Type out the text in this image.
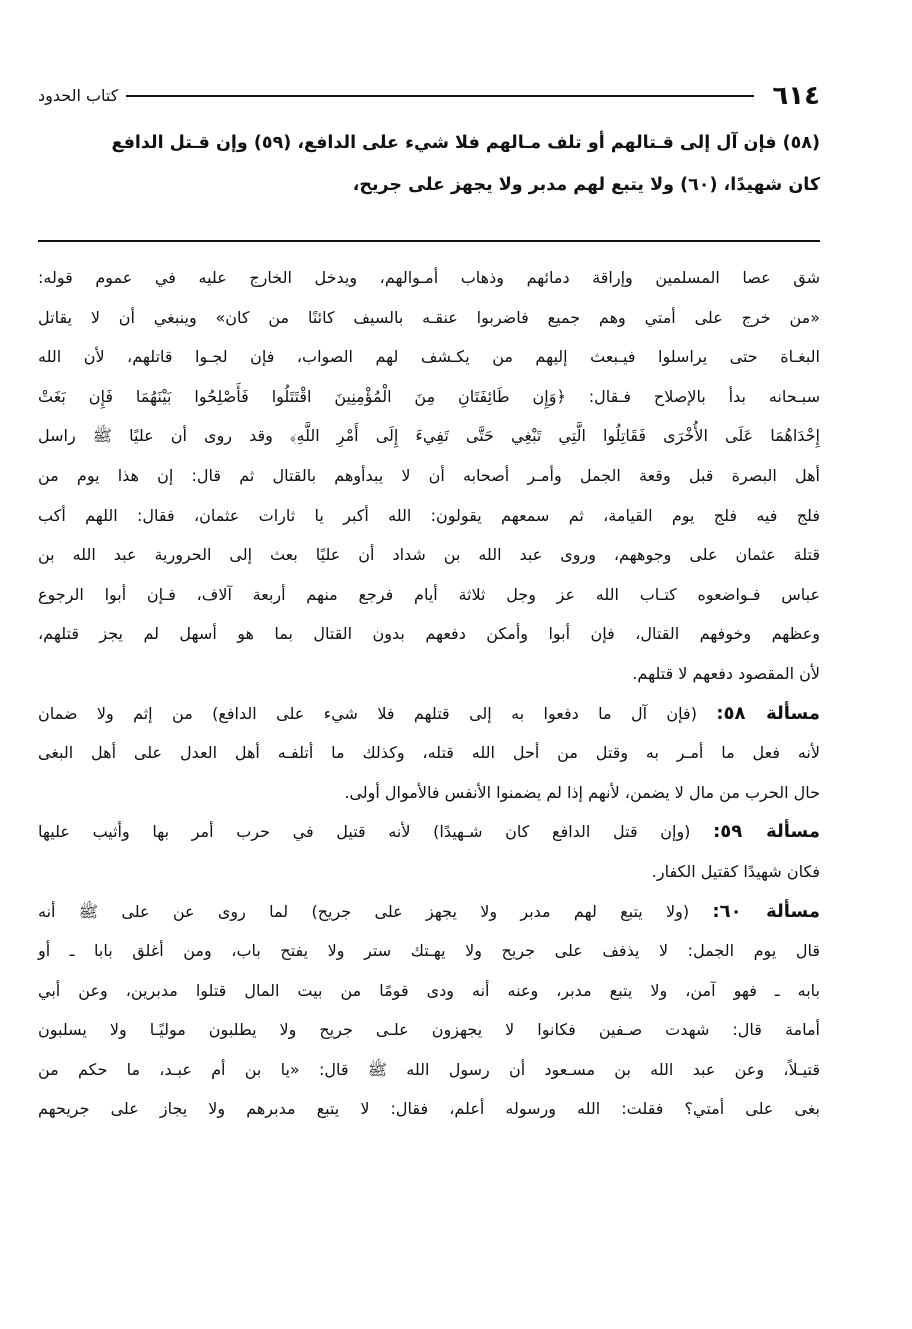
٦١٤
كتاب الحدود
(٥٨) فإن آل إلى قـتالهم أو تلف مـالهم فلا شيء على الدافع، (٥٩) وإن قـتل الدافع
كان شهيدًا، (٦٠) ولا يتبع لهم مدبر ولا يجهز على جريح،
شق عصا المسلمين وإراقة دمائهم وذهاب أمـوالهم، ويدخل الخارج عليه في عموم قوله:
«من خرج على أمتي وهم جميع فاضربوا عنقـه بالسيف كائنًا من كان» وينبغي أن لا يقاتل
البغـاة حتى يراسلوا فيـبعث إليهم من يكـشف لهم الصواب، فإن لجـوا قاتلهم، لأن الله
سبـحانه بدأ بالإصلاح فـقال: ﴿وَإِن طَائِفَتَانِ مِنَ الْمُؤْمِنِينَ اقْتَتَلُوا فَأَصْلِحُوا بَيْنَهُمَا فَإِن بَغَتْ
إِحْدَاهُمَا عَلَى الأُخْرَى فَقَاتِلُوا الَّتِي تَبْغِي حَتَّى تَفِيءَ إِلَى أَمْرِ اللَّهِ﴾ وقد روى أن عليًا ﷺ راسل
أهل البصرة قبل وقعة الجمل وأمـر أصحابه أن لا يبدأوهم بالقتال ثم قال: إن هذا يوم من
فلج فيه فلج يوم القيامة، ثم سمعهم يقولون: الله أكبر يا ثارات عثمان، فقال: اللهم أكب
قتلة عثمان على وجوههم، وروى عبد الله بن شداد أن عليًا بعث إلى الحرورية عبد الله بن
عباس فـواضعوه كتـاب الله عز وجل ثلاثة أيام فرجع منهم أربعة آلاف، فـإن أبوا الرجوع
وعظهم وخوفهم القتال، فإن أبوا وأمكن دفعهم بدون القتال بما هو أسهل لم يجز قتلهم،
لأن المقصود دفعهم لا قتلهم.
مسألة ٥٨: (فإن آل ما دفعوا به إلى قتلهم فلا شيء على الدافع) من إثم ولا ضمان
لأنه فعل ما أمـر به وقتل من أحل الله قتله، وكذلك ما أتلفـه أهل العدل على أهل البغى
حال الحرب من مال لا يضمن، لأنهم إذا لم يضمنوا الأنفس فالأموال أولى.
مسألة ٥٩: (وإن قتل الدافع كان شـهيدًا) لأنه قتيل في حرب أمر بها وأثيب عليها
فكان شهيدًا كقتيل الكفار.
مسألة ٦٠: (ولا يتبع لهم مدبر ولا يجهز على جريح) لما روى عن على ﷺ أنه
قال يوم الجمل: لا يذفف على جريح ولا يهـتك ستر ولا يفتح باب، ومن أغلق بابا ـ أو
بابه ـ فهو آمن، ولا يتبع مدبر، وعنه أنه ودى قومًا من بيت المال قتلوا مدبرين، وعن أبي
أمامة قال: شهدت صـفين فكانوا لا يجهزون علـى جريح ولا يطلبون موليًـا ولا يسلبون
قتيـلاً، وعن عبد الله بن مسـعود أن رسول الله ﷺ قال: «يا بن أم عبـد، ما حكم من
بغى على أمتي؟ فقلت: الله ورسوله أعلم، فقال: لا يتبع مدبرهم ولا يجاز على جريحهم
